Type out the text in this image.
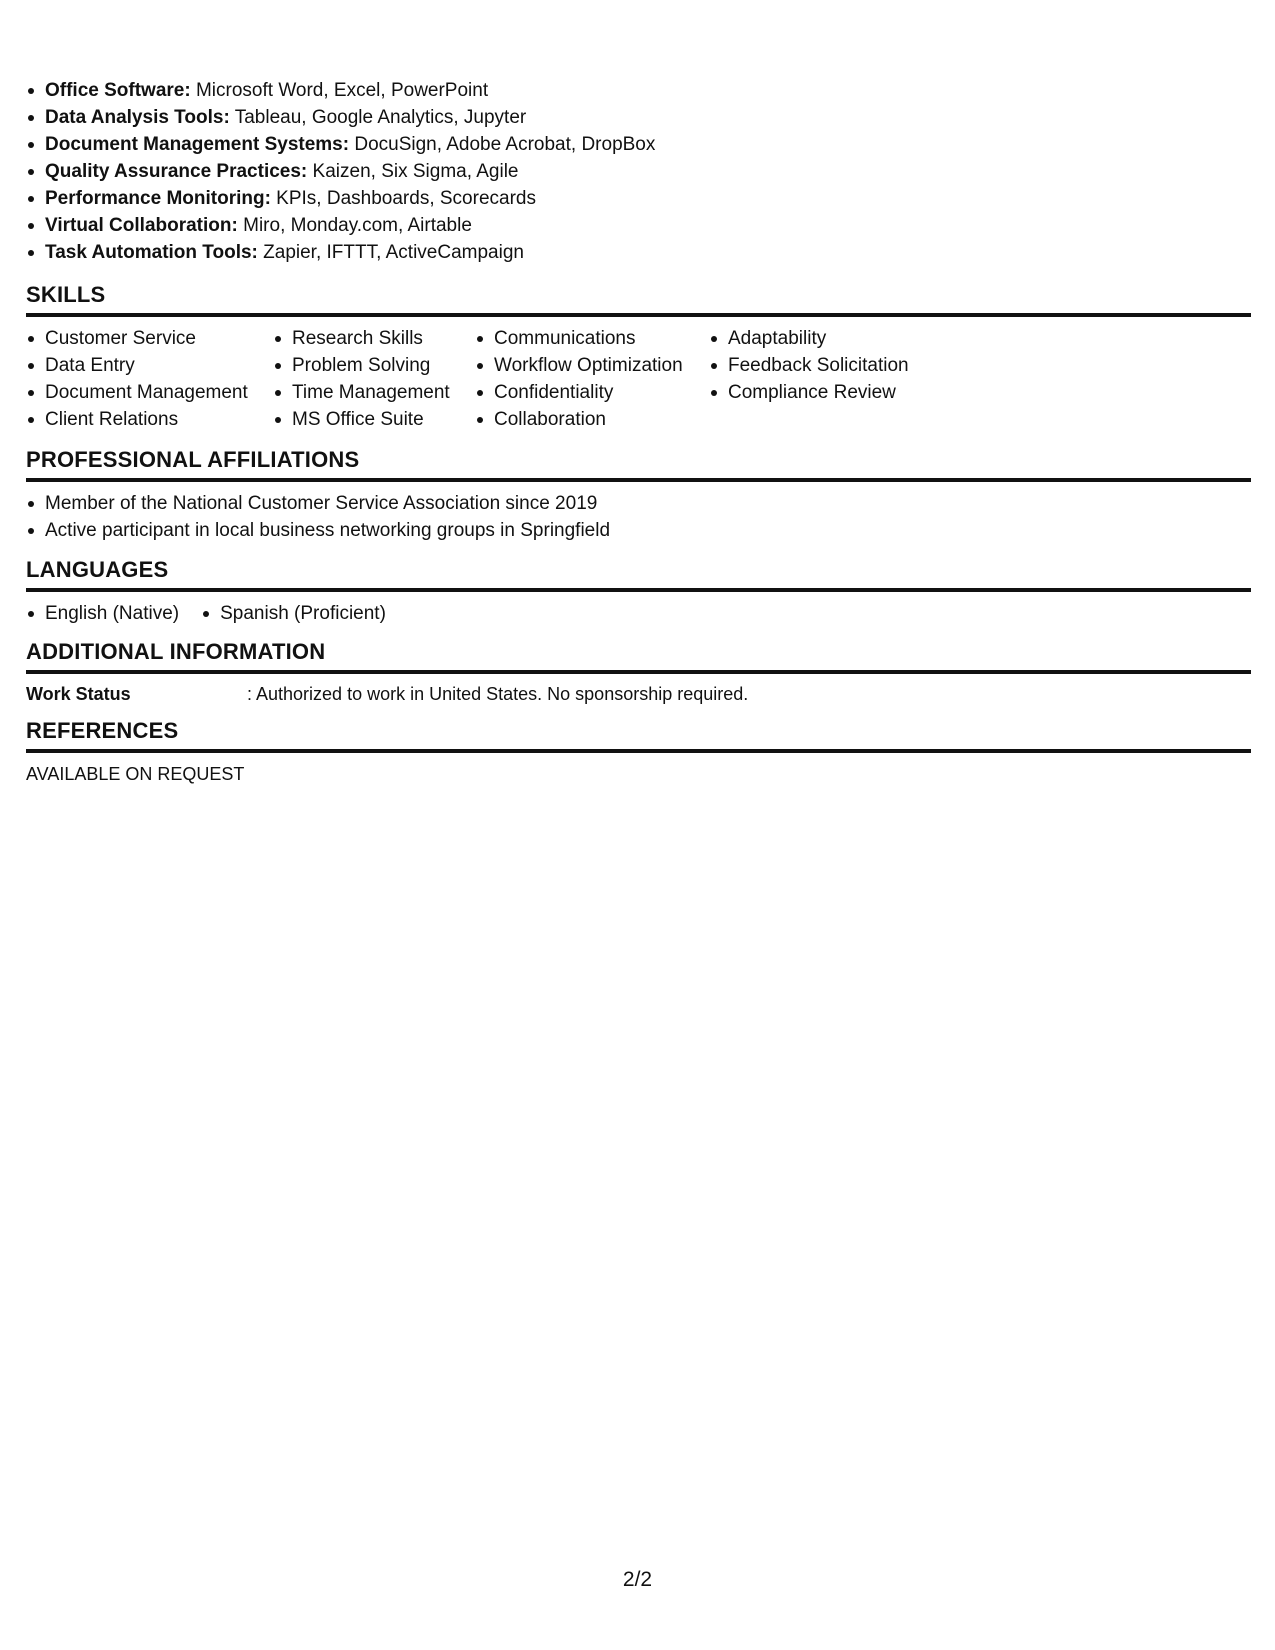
Office Software: Microsoft Word, Excel, PowerPoint
Data Analysis Tools: Tableau, Google Analytics, Jupyter
Document Management Systems: DocuSign, Adobe Acrobat, DropBox
Quality Assurance Practices: Kaizen, Six Sigma, Agile
Performance Monitoring: KPIs, Dashboards, Scorecards
Virtual Collaboration: Miro, Monday.com, Airtable
Task Automation Tools: Zapier, IFTTT, ActiveCampaign
SKILLS
Customer Service
Data Entry
Document Management
Client Relations
Research Skills
Problem Solving
Time Management
MS Office Suite
Communications
Workflow Optimization
Confidentiality
Collaboration
Adaptability
Feedback Solicitation
Compliance Review
PROFESSIONAL AFFILIATIONS
Member of the National Customer Service Association since 2019
Active participant in local business networking groups in Springfield
LANGUAGES
English (Native)	Spanish (Proficient)
ADDITIONAL INFORMATION
Work Status	: Authorized to work in United States. No sponsorship required.
REFERENCES
AVAILABLE ON REQUEST
2/2
